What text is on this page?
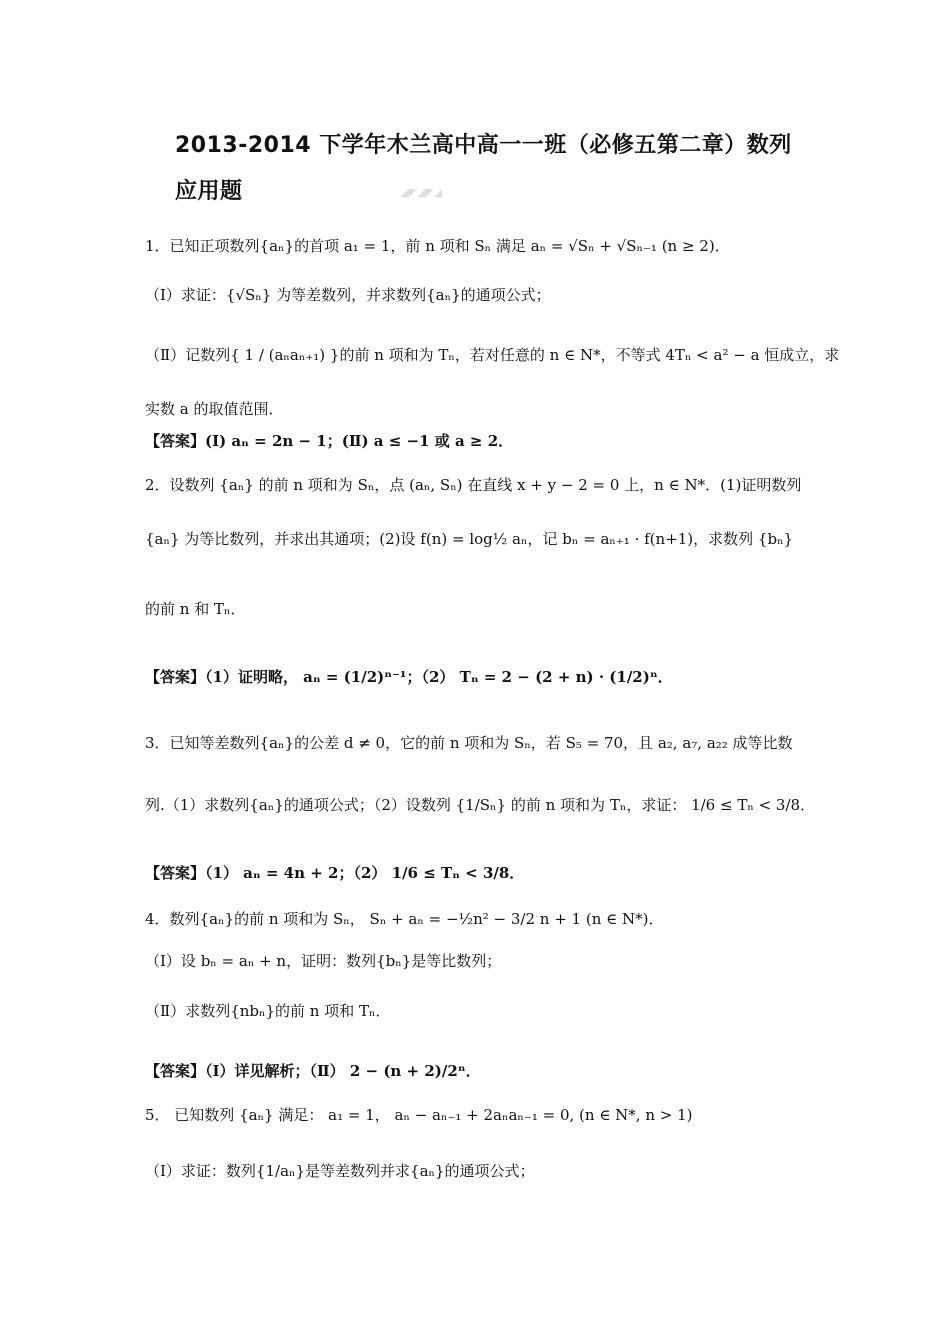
◢◤◢◤◢
2013-2014 下学年木兰高中高一一班（必修五第二章）数列
应用题
1．已知正项数列{aₙ}的首项 a₁ = 1，前 n 项和 Sₙ 满足 aₙ = √Sₙ + √Sₙ₋₁ (n ≥ 2)．
（Ⅰ）求证：{√Sₙ} 为等差数列，并求数列{aₙ}的通项公式；
（Ⅱ）记数列{ 1 / (aₙaₙ₊₁) }的前 n 项和为 Tₙ，若对任意的 n ∈ N*，不等式 4Tₙ < a² − a 恒成立，求
实数 a 的取值范围．
【答案】(Ⅰ) aₙ = 2n − 1；(Ⅱ) a ≤ −1 或 a ≥ 2．
2．设数列 {aₙ} 的前 n 项和为 Sₙ，点 (aₙ, Sₙ) 在直线 x + y − 2 = 0 上，n ∈ N*．(1)证明数列
{aₙ} 为等比数列，并求出其通项；(2)设 f(n) = log½ aₙ，记 bₙ = aₙ₊₁ · f(n+1)，求数列 {bₙ}
的前 n 和 Tₙ．
【答案】（1）证明略， aₙ = (1/2)ⁿ⁻¹；（2） Tₙ = 2 − (2 + n) · (1/2)ⁿ．
3．已知等差数列{aₙ}的公差 d ≠ 0，它的前 n 项和为 Sₙ，若 S₅ = 70，且 a₂, a₇, a₂₂ 成等比数
列.（1）求数列{aₙ}的通项公式；（2）设数列 {1/Sₙ} 的前 n 项和为 Tₙ，求证： 1/6 ≤ Tₙ < 3/8．
【答案】（1） aₙ = 4n + 2；（2） 1/6 ≤ Tₙ < 3/8．
4．数列{aₙ}的前 n 项和为 Sₙ， Sₙ + aₙ = −½n² − 3/2 n + 1 (n ∈ N*)．
（Ⅰ）设 bₙ = aₙ + n，证明：数列{bₙ}是等比数列；
（Ⅱ）求数列{nbₙ}的前 n 项和 Tₙ．
【答案】（Ⅰ）详见解析；（Ⅱ） 2 − (n + 2)/2ⁿ．
5． 已知数列 {aₙ} 满足： a₁ = 1， aₙ − aₙ₋₁ + 2aₙaₙ₋₁ = 0, (n ∈ N*, n > 1)
（Ⅰ）求证：数列{1/aₙ}是等差数列并求{aₙ}的通项公式；
